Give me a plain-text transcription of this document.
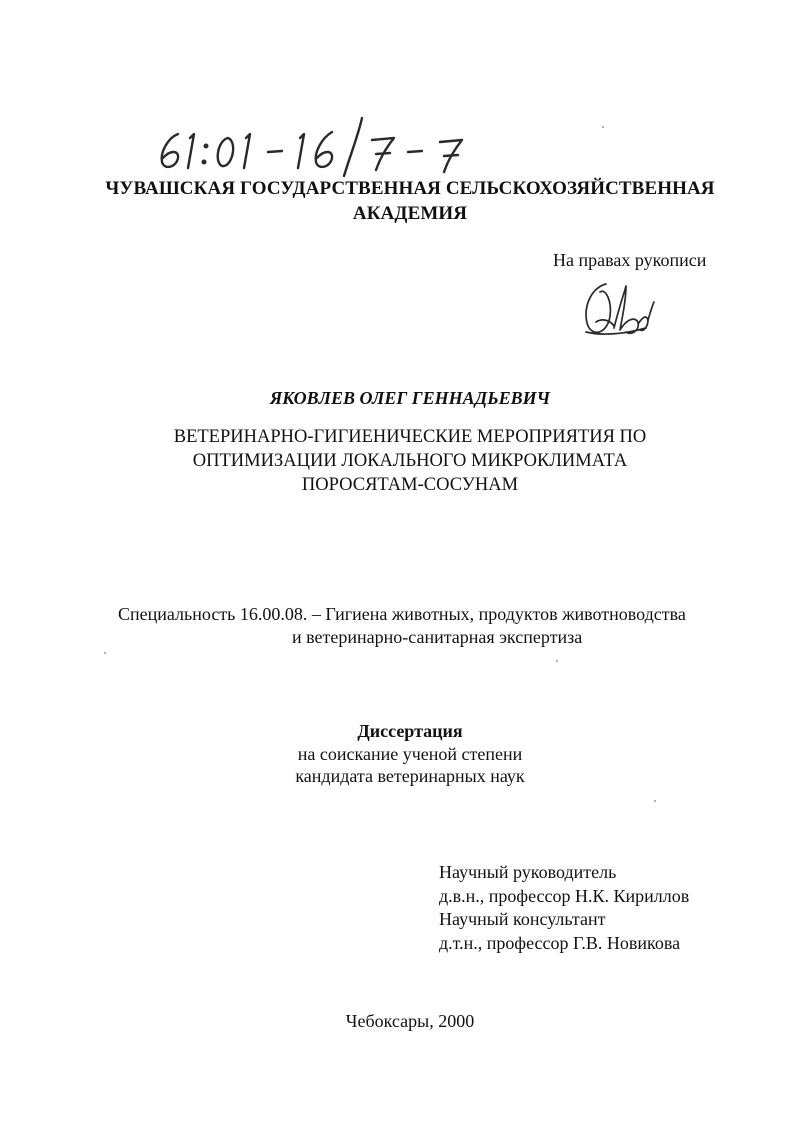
ЧУВАШСКАЯ ГОСУДАРСТВЕННАЯ СЕЛЬСКОХОЗЯЙСТВЕННАЯ
АКАДЕМИЯ
На правах рукописи
ЯКОВЛЕВ ОЛЕГ ГЕННАДЬЕВИЧ
ВЕТЕРИНАРНО-ГИГИЕНИЧЕСКИЕ МЕРОПРИЯТИЯ ПО
ОПТИМИЗАЦИИ ЛОКАЛЬНОГО МИКРОКЛИМАТА
ПОРОСЯТАМ-СОСУНАМ
Специальность 16.00.08. – Гигиена животных, продуктов животноводства
и ветеринарно-санитарная экспертиза
Диссертация
на соискание ученой степени
кандидата ветеринарных наук
Научный руководитель
д.в.н., профессор Н.К. Кириллов
Научный консультант
д.т.н., профессор Г.В. Новикова
Чебоксары, 2000
